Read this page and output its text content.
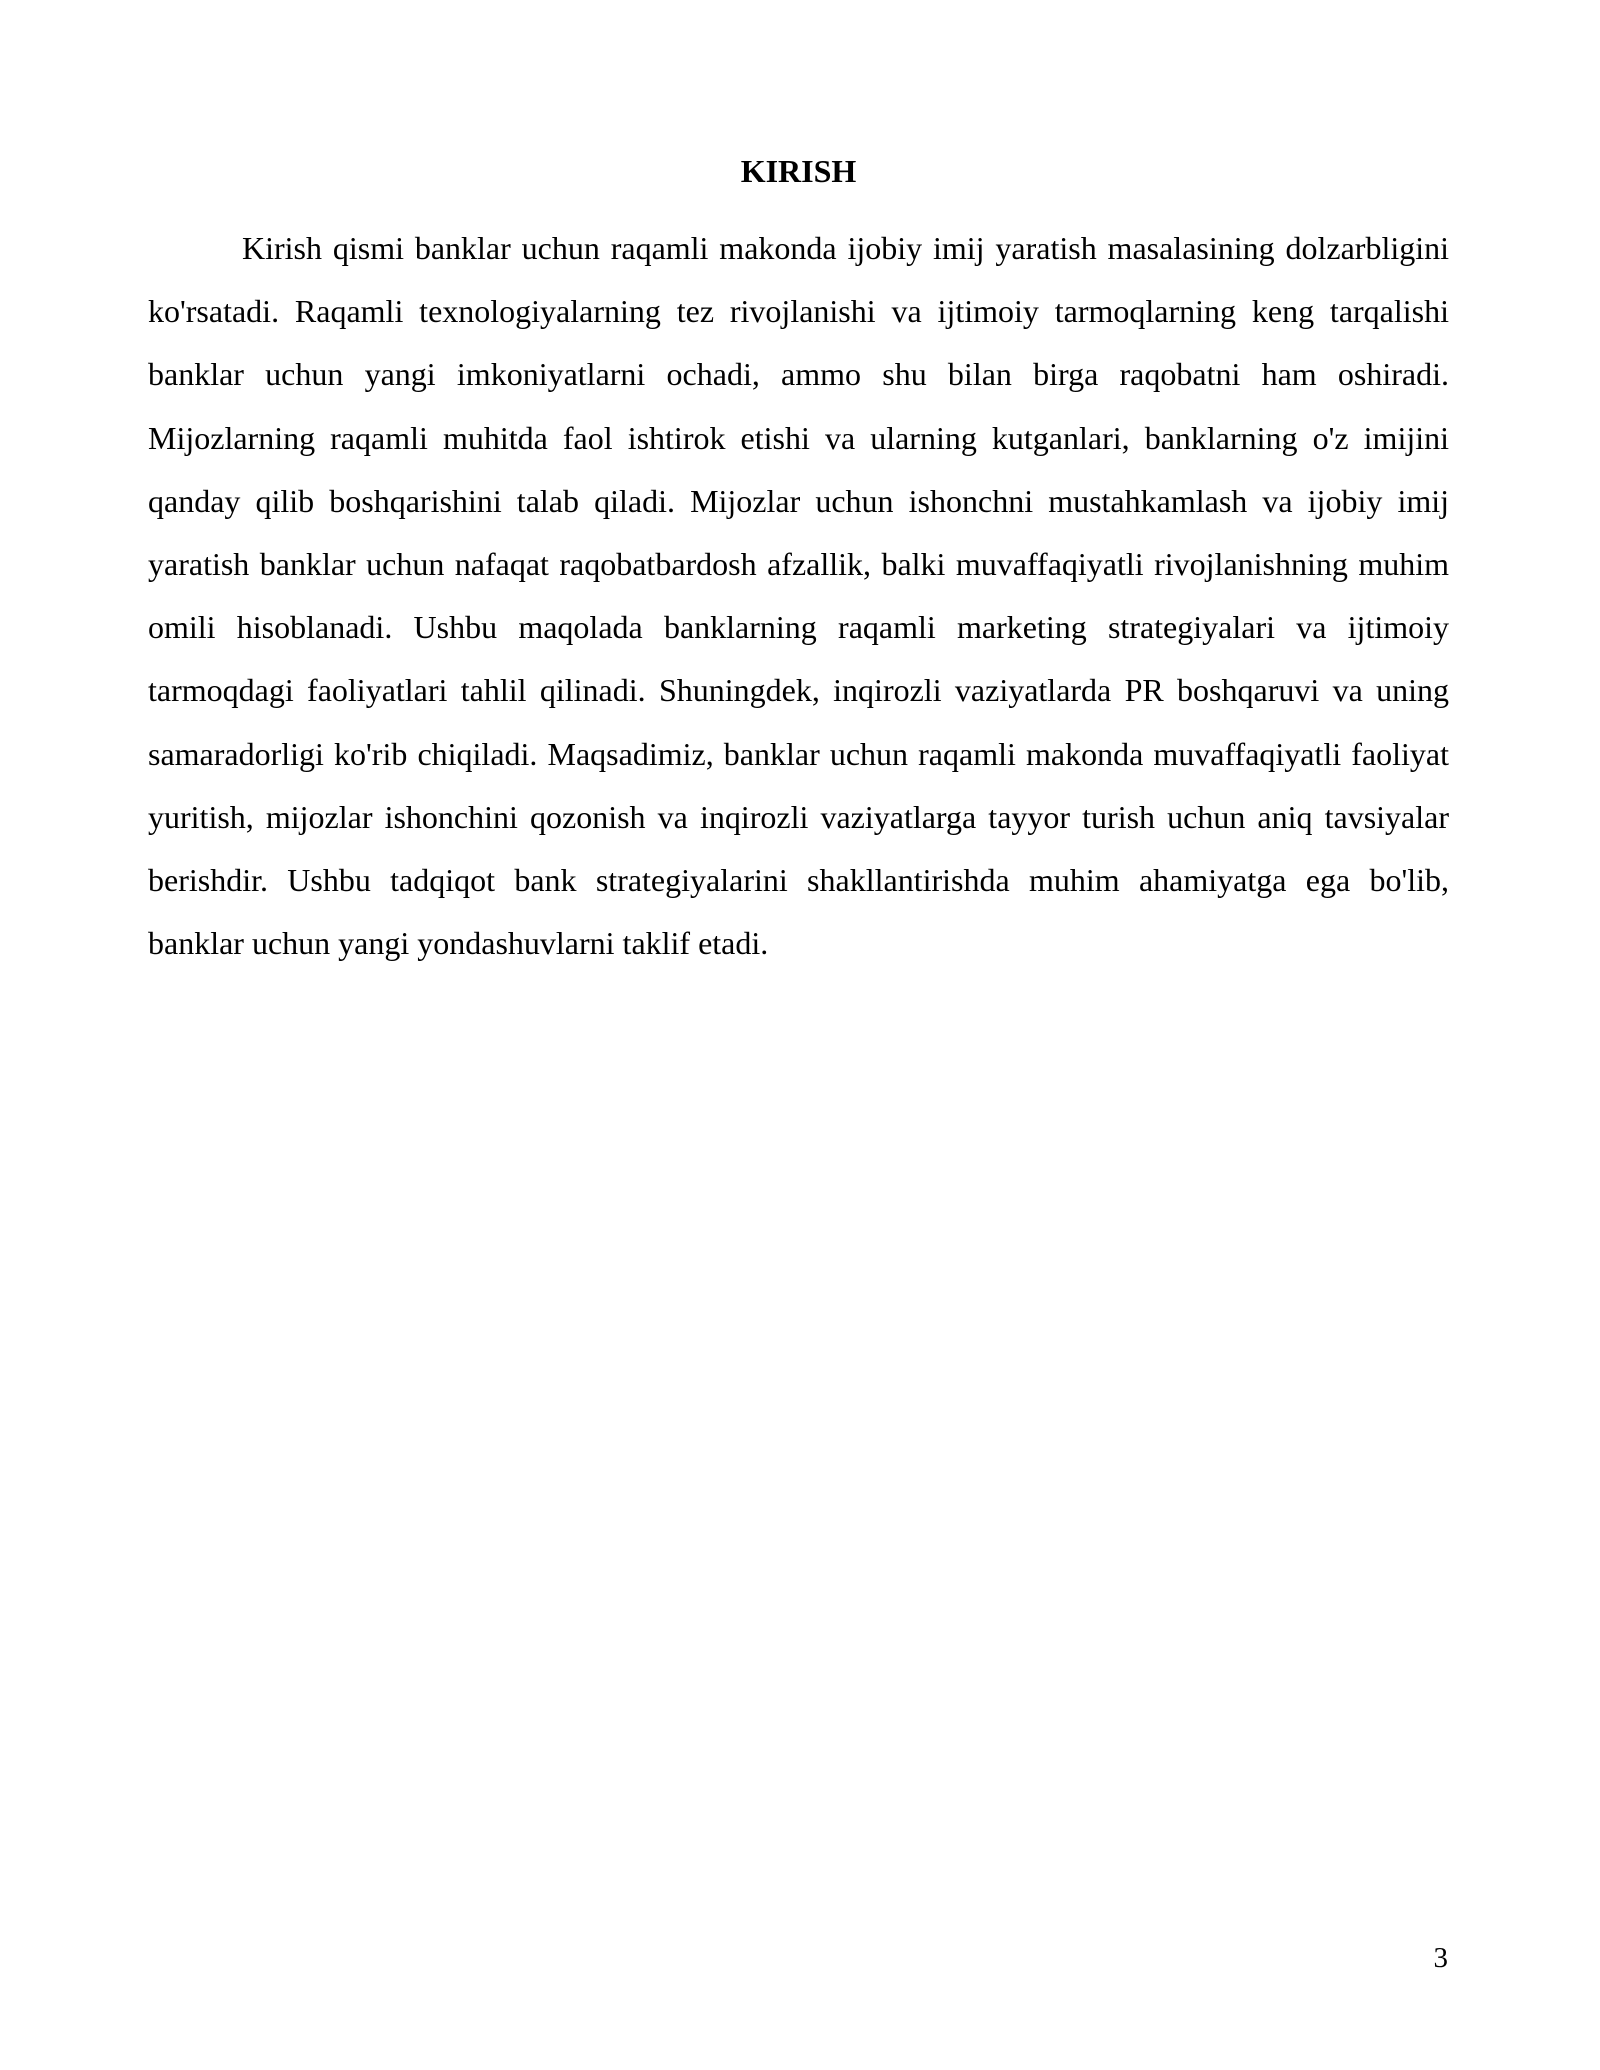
KIRISH

Kirish qismi banklar uchun raqamli makonda ijobiy imij yaratish masalasining dolzarbligini ko'rsatadi. Raqamli texnologiyalarning tez rivojlanishi va ijtimoiy tarmoqlarning keng tarqalishi banklar uchun yangi imkoniyatlarni ochadi, ammo shu bilan birga raqobatni ham oshiradi. Mijozlarning raqamli muhitda faol ishtirok etishi va ularning kutganlari, banklarning o'z imijini qanday qilib boshqarishini talab qiladi. Mijozlar uchun ishonchni mustahkamlash va ijobiy imij yaratish banklar uchun nafaqat raqobatbardosh afzallik, balki muvaffaqiyatli rivojlanishning muhim omili hisoblanadi. Ushbu maqolada banklarning raqamli marketing strategiyalari va ijtimoiy tarmoqdagi faoliyatlari tahlil qilinadi. Shuningdek, inqirozli vaziyatlarda PR boshqaruvi va uning samaradorligi ko'rib chiqiladi. Maqsadimiz, banklar uchun raqamli makonda muvaffaqiyatli faoliyat yuritish, mijozlar ishonchini qozonish va inqirozli vaziyatlarga tayyor turish uchun aniq tavsiyalar berishdir. Ushbu tadqiqot bank strategiyalarini shakllantirishda muhim ahamiyatga ega bo'lib, banklar uchun yangi yondashuvlarni taklif etadi.

3
